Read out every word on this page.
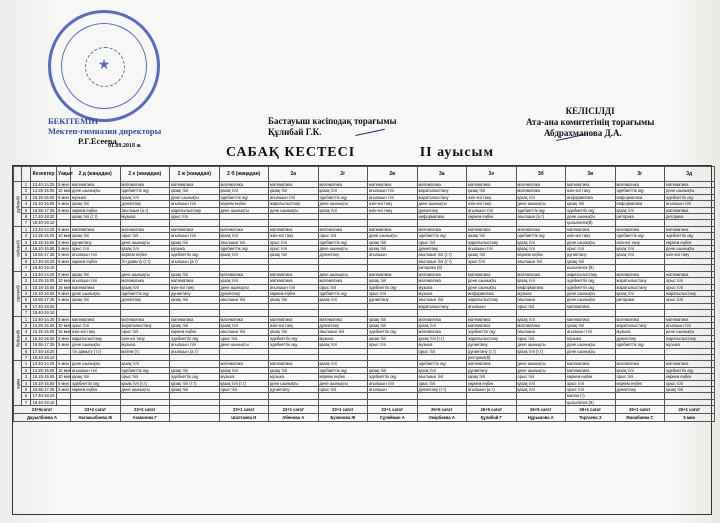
★
БЕКІТЕМІН
Мектеп-гимназия директоры
Р.Г.Есеева
01.09.2018 ж
Бастауыш кәсіподақ торағымы
Құлибай Г.К.
КЕЛІСІЛДІ
Ата-ана комитетінің торағымы
Абдрахманова Д.А.
САБАҚ КЕСТЕСІ	II ауысым
		Кезектер	Уақыт	2 д (жаңадан)	2 е (жаңадан)	2 ж (жаңадан)	2 б (жаңадан)	2а	2г	2в	3а	3ә	3б	3в	3г	3д
дүйсенбі	1	13.40-14.25	5 мин	математика	математика	математика	математика	математика	математика	математика	математика	математика	математика	математика	математика	математика
	2	14.25-15.05	10 мин	дене шынықты	әдебиеттік оқу	қазақ тілі	қазақ тілі	қазақ тілі	қазақ тілі	ағылшын тілі	жаратылыстану	қазақ тілі	математика	өзін-өзі тану	әдебиеттік оқу	дене шынықты
	3	15.15-15.55	5 мин	музыка	қазақ тілі	дене шынықты	әдебиеттік оқу	ағылшын тілі	әдебиеттік оқу	ағылшын тілі	жаратылыстану	өзін-өзі тану	қазақ тілі	информатика	информатика	әдебиеттік оқу
	4	16.10-16.55	5 мин	қазақ тілі	дүниетану	ағылшын тілі	көркем еңбек	жаратылыстану	дене шынықты	өзін-өзі тану	дене шынықты	өзін-өзі тану	дене шынықты	қазақ тілі	информатика	ағылшын тілі
	5	16.55-17.35	5 мин	көркем еңбек	ағылшын (а.т)	жаратылыстану	дене шынықты	дене шынықты	қазақ тілі	өзін-өзі тану	дүниетану	ағылшын тілі	әдебиеттік оқу	әдебиеттік оқу	қазақ тілі	математика
	6	17.40-18.20		қазақ тілі (т.т)	музыка	орыс тілі					информатика	көркем еңбек	ағылшын (а.т)	дене шынықты	риторика	риторика
	7	18.40-19.10												қызылелек(8)		
сейсенбі	1	13.40-14.25	5 мин	математика	математика	математика	математика	математика	математика	математика	математика	математика	математика	математика	математика	математика
	2	14.25-15.05	10 мин	қазақ тілі	орыс тілі	ағылшын тілі	қазақ тілі	өзін-өзі тану	орыс тілі	дене шынықты	әдебиеттік оқу	қазақ тілі	әдебиеттік оқу	өзін-өзі тану	әдебиеттік оқу	әдебиеттік оқу
	3	15.15-15.55	5 мин	дүниетану	дене шынықты	қазақ тілі	ағылшын тілі	орыс тілі	әдебиеттік оқу	қазақ тілі	орыс тілі	жаратылыстану	қазақ тілі	дене шынықты	өзін-өзі тану	көркем еңбек
	4	16.10-16.55	5 мин	орыс тілі	қазақ тілі	музыка	әдебиеттік оқу	орыс тілі	дене шынықты	қазақ тілі	дүниетану	ағылшын тілі	қазақ тілі	орыс тілі	қазақ тілі	дене шынықты
	5	16.55-17.35	5 мин	ағылшын тілі	көркем еңбек	әдебиеттік оқу	қазақ тілі	қазақ тілі	дүниетану	ағылшын	ағылшын тілі (т.т)	қазақ тілі	көркем еңбек	дүниетану	қазақ тілі	өзін-өзі тану
	6	17.40-18.20	5 мин	көркем еңбек	тіл дамыту (т.т)	ағылшын (а.т)					ағылшын тілі (т.т)	орыс тілі	ағылшын тілі	қазақ тілі		
	7	18.40-19.10									риторика (8)			кызылелек (8)		
сәрсенбі	1	13.40-14.25	5 мин	қазақ тілі	дене шынықты	қазақ тілі	математика	математика	дене шынықты	математика	математика	математика	математика	жаратылыстану	математика	математика
	2	14.25-15.05	10 мин	ағылшын тілі	математика	математика	қазақ тілі	математика	математика	қазақ тілі	математика	дене шынықты	қазақ тілі	әдебиеттік оқу	жаратылыстану	орыс тілі
	3	15.15-15.55	15 мин	математика	қазақ тілі	өзін-өзі тану	дене шынықты	ағылшын тілі	орыс тілі	әдебиеттік оқу	музыка	дене шынықты	информатика	әдебиеттік оқу	жаратылыстану	орыс тілі
	4	16.10-16.55	5 мин	дене шынықты	әдебиеттік оқу	дүниетану	дүниетану	көркем еңбек	әдебиеттік оқу	орыс тілі	музыка	информатика	музыка	дене шынықты	қазақ тілі	жаратылыстану
	5	16.55-17.35	5 мин	қазақ тілі	дүниетану	қазақ тілі	ағылшын тілі	қазақ тілі	қазақ тілі	дүниетану	ағылшын тілі	жаратылыстану	ағылшын	дене шынықты	риторика	орыс тілі
	6	17.40-18.20									жаратылыстану	ағылшын	орыс тілі	математика		
	7	18.40-19.10														
бейсенбі	1	13.40-14.25	5 мин	математика	математика	математика	математика	математика	математика	қазақ тілі	математика	математика	қазақ тілі	математика	математика	математика
	2	14.25-15.05	10 мин	орыс тілі	жаратылыстану	қазақ тілі	қазақ тілі	өзін-өзі тану	дүниетану	қазақ тілі	қазақ тілі	математика	математика	қазақ тілі	жаратылыстану	ағылшын тілі
	3	15.15-15.55	15 мин	өзін-өзі тану	орыс тілі	көркем еңбек	ағылшын тілі	қазақ тілі	ағылшын тілі	әдебиеттік оқу	математика	әдебиеттік оқу	ағылшын	ағылшын тілі	музыка	дене шынықты
	4	16.10-16.50	5 мин	жаратылыстану	өзін-өзі тану	әдебиеттік оқу	орыс тілі	әдебиеттік оқу	музыка	қазақ тілі	қазақ тілі (т.т)	жаратылыстану	орыс тілі	музыка	дүниетану	жаратылыстану
	5	16.55-17.35	5 мин	дене шынықты	музыка	ағылшын тілі	дене шынықты	әдебиеттік оқу	қазақ тілі	орыс тілі	музыка	дүниетану	дене шынықты	дене шынықты	әдебиеттік оқу	музыка
	6	17.40-18.20		тіл дамыту (т.т)	матем (т)	ағылшын (а.т)					орыс тілі	дүниетану (т.т)	қазақ тілі (т.т)	дене шынықты		
	7	18.40-19.10										риторика(8)				
жұма	1	13.40-14.25	5 мин	дене шынықты	қазақ тілі		математика	математика	қазақ тілі		әдебиеттік оқу	математика	дене шынықты	математика	математика	математика
	2	14.25-15.05	10 мин	ағылшын тілі	әдебиеттік оқу	қазақ тілі	қазақ тілі	қазақ тілі	әдебиеттік оқу	қазақ тілі	қазақ тілі	дүниетану	дене шынықты	математика	қазақ тілі	әдебиеттік оқу
	3	15.15-15.55	10 мин	қазақ тілі	орыс тілі	әдебиеттік оқу	музыка	музыка	көркем еңбек	әдебиеттік оқу	ағылшын тілі	қазақ тілі	орыс тілі	көркем еңбек	орыс тілі	көркем еңбек
	4	16.10-16.50	5 мин	әдебиеттік оқу	қазақ тілі (т.т)	қазақ тілі (т.т)	қазақ тілі (т.т)	дене шынықты	дене шынықты	ағылшын тілі	орыс тілі	көркем еңбек	қазақ тілі	орыс тілі	көркем еңбек	орыс тілі
	5	16.55-17.35	5 мин	көркем еңбек	дене шынықты	қазақ тілі	орыс тілі	дүниетану	орыс тілі	ағылшын	дүниетану (т.т)	ағылшын (а.т)	қазақ тілі	орыс тілі	дүниетану	қазақ тілі
	6	17.40-18.20												матем (т)		
	7	18.40-19.10												қызылелек (8)		
23+5сағат				23+2 сағат	23+2 сағат		23+1 сағат	23+1 сағат	23+1 сағат	23+1 сағат	26+5 сағат	26+5 сағат	26+5 сағат	26+1 сағат	26+1 сағат	26+1 сағат
Дауылбаева А				Нагашыбаева Ж	Ахманова Г		Шалтаева И	Абенова А	Бухенова Ж	Сұлейман А	Омірбаева А	Құлибай Г	Нұрымова А	Торгаева З	Жанабаева С	5 мин
